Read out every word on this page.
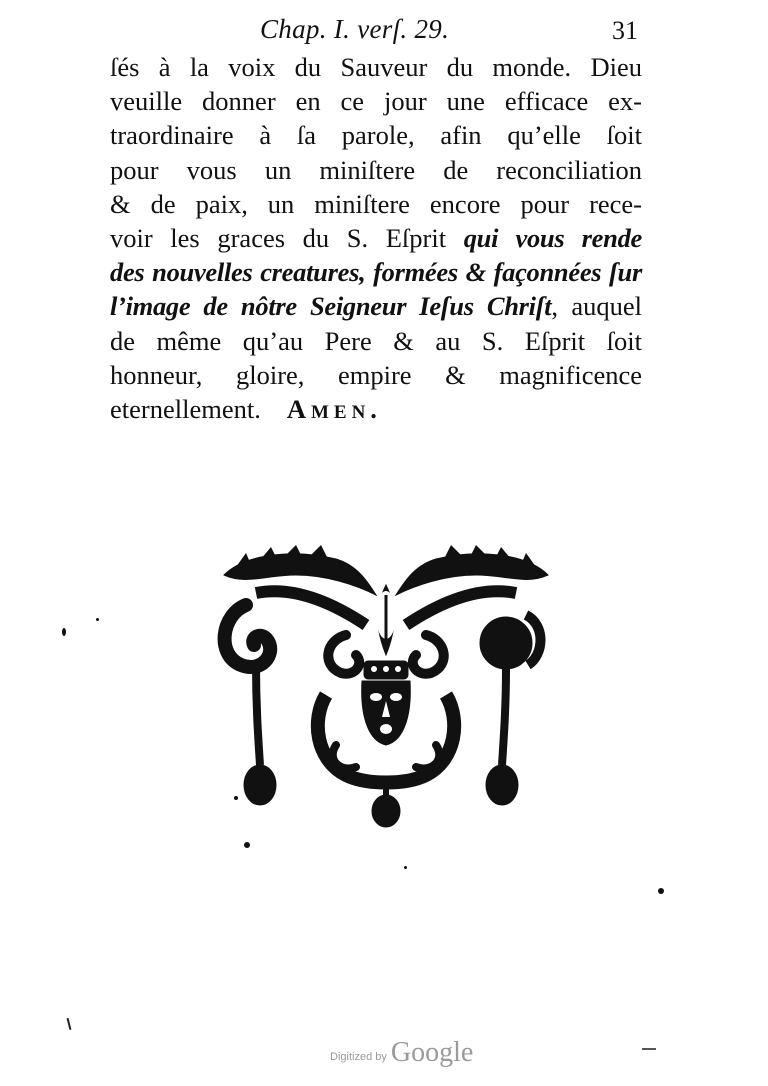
Chap. I. verſ. 29.	31
ſés à la voix du Sauveur du monde. Dieu
veuille donner en ce jour une efficace ex-
traordinaire à ſa parole, afin qu’elle ſoit
pour vous un miniſtere de reconciliation
& de paix, un miniſtere encore pour rece-
voir les graces du S. Eſprit qui vous rende
des nouvelles creatures, formées & façonnées ſur
l’image de nôtre Seigneur Ieſus Chriſt, auquel
de même qu’au Pere & au S. Eſprit ſoit
honneur, gloire, empire & magnificence
eternellement. Amen.
Digitized by Google
